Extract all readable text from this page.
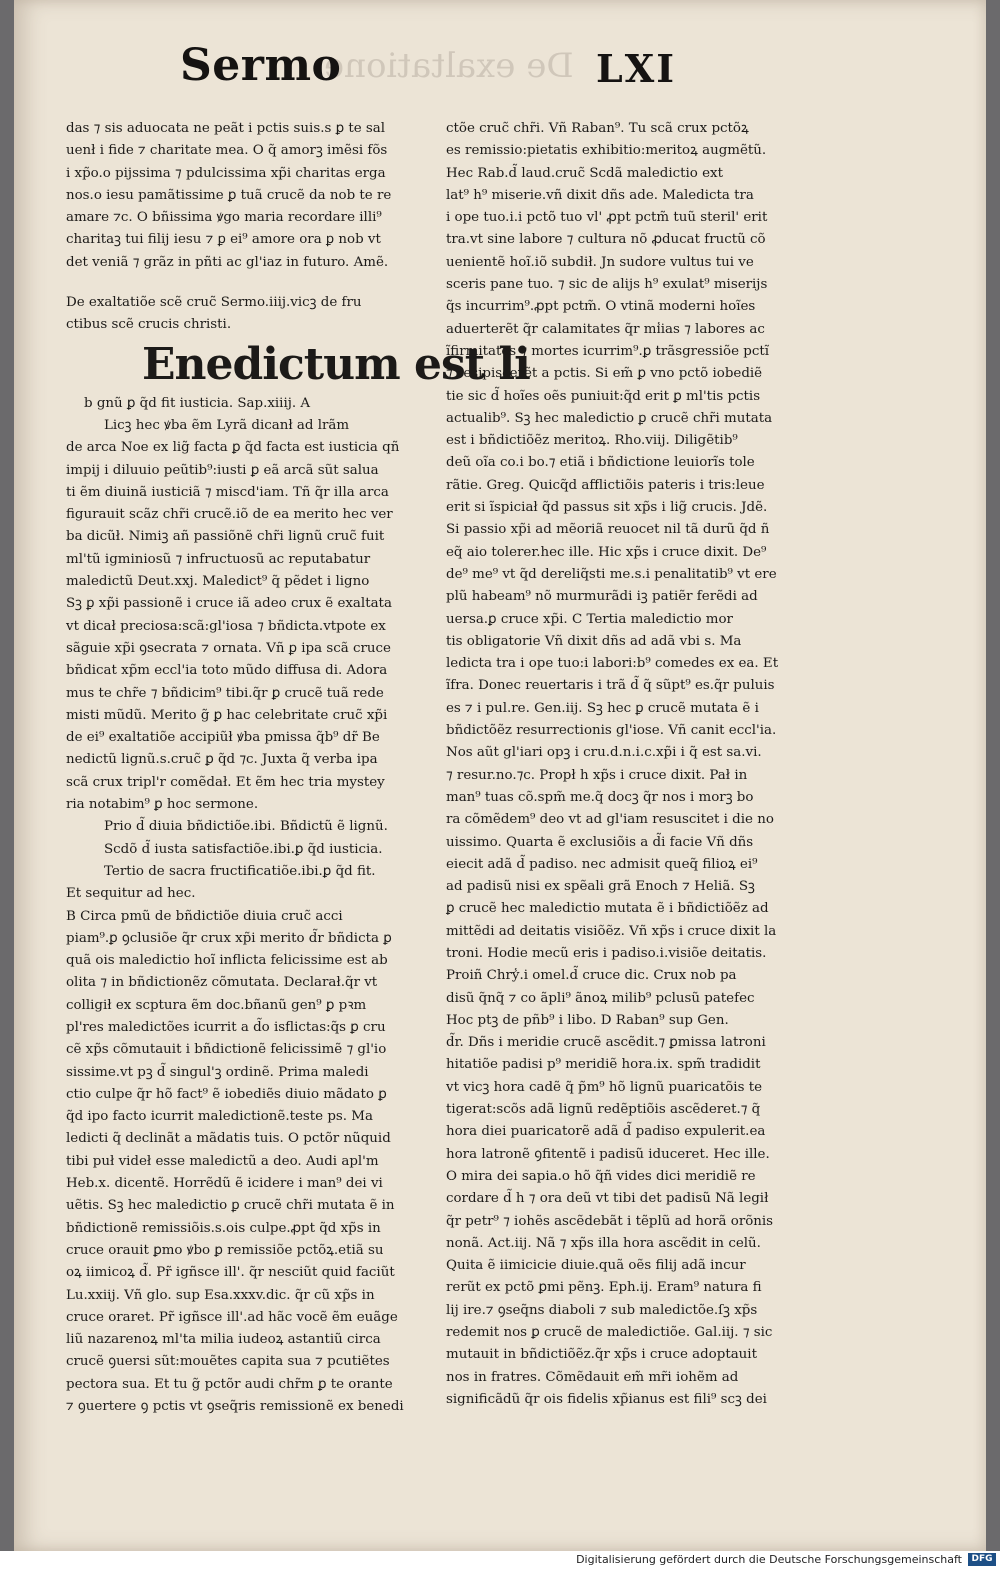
De exaltatione
Sermo	LXI
das ⁊ sis aduocata ne peãt i pctis suis.s ꝑ te sal
uenł i fide ⁊ charitate mea. O q̃ amorꝫ imẽsi fõs
i xp̃o.o pijssima ⁊ pdulcissima xp̃i charitas erga
nos.o iesu pamãtissime ꝑ tuã crucẽ da nob te re
amare ⁊c. O bñissima ꝟgo maria recordare illi⁹
charitaꝫ tui filij iesu ⁊ ꝑ ei⁹ amore ora ꝑ nob vt
det veniã ⁊ grãz in pñti ac gl'iaz in futuro. Amẽ.
De exaltatiõe scẽ cruc̃ Sermo.iiij.vicꝫ de fru
ctibus scẽ crucis christi.
Enedictum est li
b gnũ ꝑ q̃d fit iusticia. Sap.xiiij. A
Licꝫ hec ꝟba ẽm Lyrã dicanł ad lrãm
de arca Noe ex lig̃ facta ꝑ q̃d facta est iusticia qñ
impij i diluuio peũtib⁹:iusti ꝑ eã arcã sũt salua
ti ẽm diuinã iusticiã ⁊ miscd'iam. Tñ q̃r illa arca
figurauit scãz chr̃i crucẽ.iõ de ea merito hec ver
ba dicũł. Nimiꝫ añ passiõnẽ chr̃i lignũ cruc̃ fuit
ml'tũ igminiosũ ⁊ infructuosũ ac reputabatur
maledictũ Deut.xxj. Maledict⁹ q̃ pẽdet i ligno
Sꝫ ꝑ xp̃i passionẽ i cruce iã adeo crux ẽ exaltata
vt dicał preciosa:scã:gl'iosa ⁊ bñdicta.vtpote ex
sãguie xp̃i ꝯsecrata ⁊ ornata. Vñ ꝑ ipa scã cruce
bñdicat xp̃m eccl'ia toto mũdo diffusa di. Adora
mus te chr̃e ⁊ bñdicim⁹ tibi.q̃r ꝑ crucẽ tuã rede
misti mũdũ. Merito g̃ ꝑ hac celebritate cruc̃ xp̃i
de ei⁹ exaltatiõe accipiũł ꝟba pmissa q̃b⁹ dr̃ Be
nedictũ lignũ.s.cruc̃ ꝑ q̃d ⁊c. Juxta q̃ verba ipa
scã crux tripl'r comẽdał. Et ẽm hec tria mystey
ria notabim⁹ ꝑ hoc sermone.
Prio d̃ diuia bñdictiõe.ibi. Bñdictũ ẽ lignũ.
Scdõ d̃ iusta satisfactiõe.ibi.ꝑ q̃d iusticia.
Tertio de sacra fructificatiõe.ibi.ꝑ q̃d fit.
Et sequitur ad hec.
B Circa pmũ de bñdictiõe diuia cruc̃ acci
piam⁹.ꝑ ꝯclusiõe q̃r crux xp̃i merito d̃r bñdicta ꝑ
quã ois maledictio hoĩ inflicta felicissime est ab
olita ⁊ in bñdictionẽz cõmutata. Declarał.q̃r vt
colligił ex scptura ẽm doc.bñanũ gen⁹ ꝑ pꝛm
pl'res maledictões icurrit a d̃o isflictas:q̃s ꝑ cru
cẽ xp̃s cõmutauit i bñdictionẽ felicissimẽ ⁊ gl'io
sissime.vt pꝫ d̃ singul'ꝫ ordinẽ. Prima maledi
ctio culpe q̃r hõ fact⁹ ẽ iobediẽs diuio mãdato ꝑ
q̃d ipo facto icurrit maledictionẽ.teste ps. Ma
ledicti q̃ declinãt a mãdatis tuis. O pctõr nũquid
tibi puł videł esse maledictũ a deo. Audi apl'm
Heb.x. dicentẽ. Horrẽdũ ẽ icidere i man⁹ dei vi
uẽtis. Sꝫ hec maledictio ꝑ crucẽ chr̃i mutata ẽ in
bñdictionẽ remissiõis.s.ois culpe.ꝓpt q̃d xp̃s in
cruce orauit ꝑmo ꝟbo ꝑ remissiõe pctõꝝ.etiã su
oꝝ iimicoꝝ d̃. Pr̃ igñsce ill'. q̃r nesciũt quid faciũt
Lu.xxiij. Vñ glo. sup Esa.xxxv.dic. q̃r cũ xp̃s in
cruce oraret. Pr̃ igñsce ill'.ad hãc vocẽ ẽm euãge
liũ nazarenoꝝ ml'ta milia iudeoꝝ astantiũ circa
crucẽ ꝯuersi sũt:mouẽtes capita sua ⁊ pcutiẽtes
pectora sua. Et tu g̃ pctõr audi chr̃m ꝑ te orante
⁊ ꝯuertere ꝯ pctis vt ꝯseq̃ris remissionẽ ex benedi
ctõe cruc̃ chr̃i. Vñ Raban⁹. Tu scã crux pctõꝝ
es remissio:pietatis exhibitio:meritoꝝ augmẽtũ.
Hec Rab.d̃ laud.cruc̃ Scdã maledictio ext
lat⁹ h⁹ miserie.vñ dixit dñs ade. Maledicta tra
i ope tuo.i.i pctõ tuo vl' ꝓpt pctm̃ tuũ steril' erit
tra.vt sine labore ⁊ cultura nõ ꝓducat fructũ cõ
uenientẽ hoĩ.iõ subdił. Jn sudore vultus tui ve
sceris pane tuo. ⁊ sic de alijs h⁹ exulat⁹ miserijs
q̃s incurrim⁹.ꝓpt pctm̃. O vtinã moderni hoĩes
aduerterẽt q̃r calamitates q̃r mi̾ias ⁊ labores ac
ĩfirmitates ⁊ mortes icurrim⁹.ꝑ trãsgressiõe pctĩ
⁊ resipiscerẽt a pctis. Si em̃ ꝑ vno pctõ iobediẽ
tie sic d̃ hoĩes oẽs puniuit:q̃d erit ꝑ ml'tis pctis
actualib⁹. Sꝫ hec maledictio ꝑ crucẽ chr̃i mutata
est i bñdictiõẽz meritoꝝ. Rho.viij. Diligẽtib⁹
deũ oĩa co.i bo.⁊ etiã i bñdictione leuiorĩs tole
rãtie. Greg. Quicq̃d afflictiõis pateris i tris:leue
erit si ĩspiciał q̃d passus sit xp̃s i lig̃ crucis. Jdẽ.
Si passio xp̃i ad mẽoriã reuocet nil tã durũ q̃d ñ
eq̃ aio tolerer.hec ille. Hic xp̃s i cruce dixit. De⁹
de⁹ me⁹ vt q̃d dereliq̃sti me.s.i penalitatib⁹ vt ere
plũ habeam⁹ nõ murmurãdi iꝫ patiẽr ferẽdi ad
uersa.ꝑ cruce xp̃i. C Tertia maledictio mor
tis obligatorie Vñ dixit dñs ad adã vbi s. Ma
ledicta tra i ope tuo:i labori:b⁹ comedes ex ea. Et
ĩfra. Donec reuertaris i trã d̃ q̃ sũpt⁹ es.q̃r puluis
es ⁊ i pul.re. Gen.iij. Sꝫ hec ꝑ crucẽ mutata ẽ i
bñdictõẽz resurrectionis gl'iose. Vñ canit eccl'ia.
Nos aũt gl'iari opꝫ i cru.d.n.i.c.xp̃i i q̃ est sa.vi.
⁊ resur.no.⁊c. Propł h xp̃s i cruce dixit. Pał in
man⁹ tuas cõ.spm̃ me.q̃ docꝫ q̃r nos i morꝫ bo
ra cõmẽdem⁹ deo vt ad gl'iam resuscitet i die no
uissimo. Quarta ẽ exclusiõis a d̃i facie Vñ dñs
eiecit adã d̃ padiso. nec admisit queq̃ filioꝝ ei⁹
ad padisũ nisi ex spẽali grã Enoch ⁊ Heliã. Sꝫ
ꝑ crucẽ hec maledictio mutata ẽ i bñdictiõẽz ad
mittẽdi ad deitatis visiõẽz. Vñ xp̃s i cruce dixit la
troni. Hodie mecũ eris i padiso.i.visiõe deitatis.
Proiñ Chry̾.i omel.d̃ cruce dic. Crux nob pa
disũ q̃nq̃ ⁊ co ãpli⁹ ãnoꝝ milib⁹ pclusũ patefec
Hoc ptꝫ de pñb⁹ i libo. D Raban⁹ sup Gen.
d̃r. Dñs i meridie crucẽ ascẽdit.⁊ ꝑmissa latroni
hitatiõe padisi p⁹ meridiẽ hora.ix. spm̃ tradidit
vt vicꝫ hora cadẽ q̃ p̃m⁹ hõ lignũ puaricatõis te
tigerat:scõs adã lignũ redẽptiõis ascẽderet.⁊ q̃
hora diei puaricatorẽ adã d̃ padiso expulerit.ea
hora latronẽ ꝯfitentẽ i padisũ iduceret. Hec ille.
O mira dei sapia.o hõ q̃ñ vides dici meridiẽ re
cordare d̃ h ⁊ ora deũ vt tibi det padisũ Nã legił
q̃r petr⁹ ⁊ iohẽs ascẽdebãt i tẽplũ ad horã orõnis
nonã. Act.iij. Nã ⁊ xp̃s illa hora ascẽdit in celũ.
Quita ẽ iimicicie diuie.quã oẽs filij adã incur
rerũt ex pctõ ꝑmi pẽnꝫ. Eph.ij. Eram⁹ natura fi
lij ire.⁊ ꝯseq̃ns diaboli ⁊ sub maledictõe.ſꝫ xp̃s
redemit nos ꝑ crucẽ de maledictiõe. Gal.iij. ⁊ sic
mutauit in bñdictiõẽz.q̃r xp̃s i cruce adoptauit
nos in fratres. Cõmẽdauit em̃ mr̃i iohẽm ad
significãdũ q̃r ois fidelis xp̃ianus est fili⁹ scꝫ dei
Digitalisierung gefördert durch die Deutsche Forschungsgemeinschaft	DFG
